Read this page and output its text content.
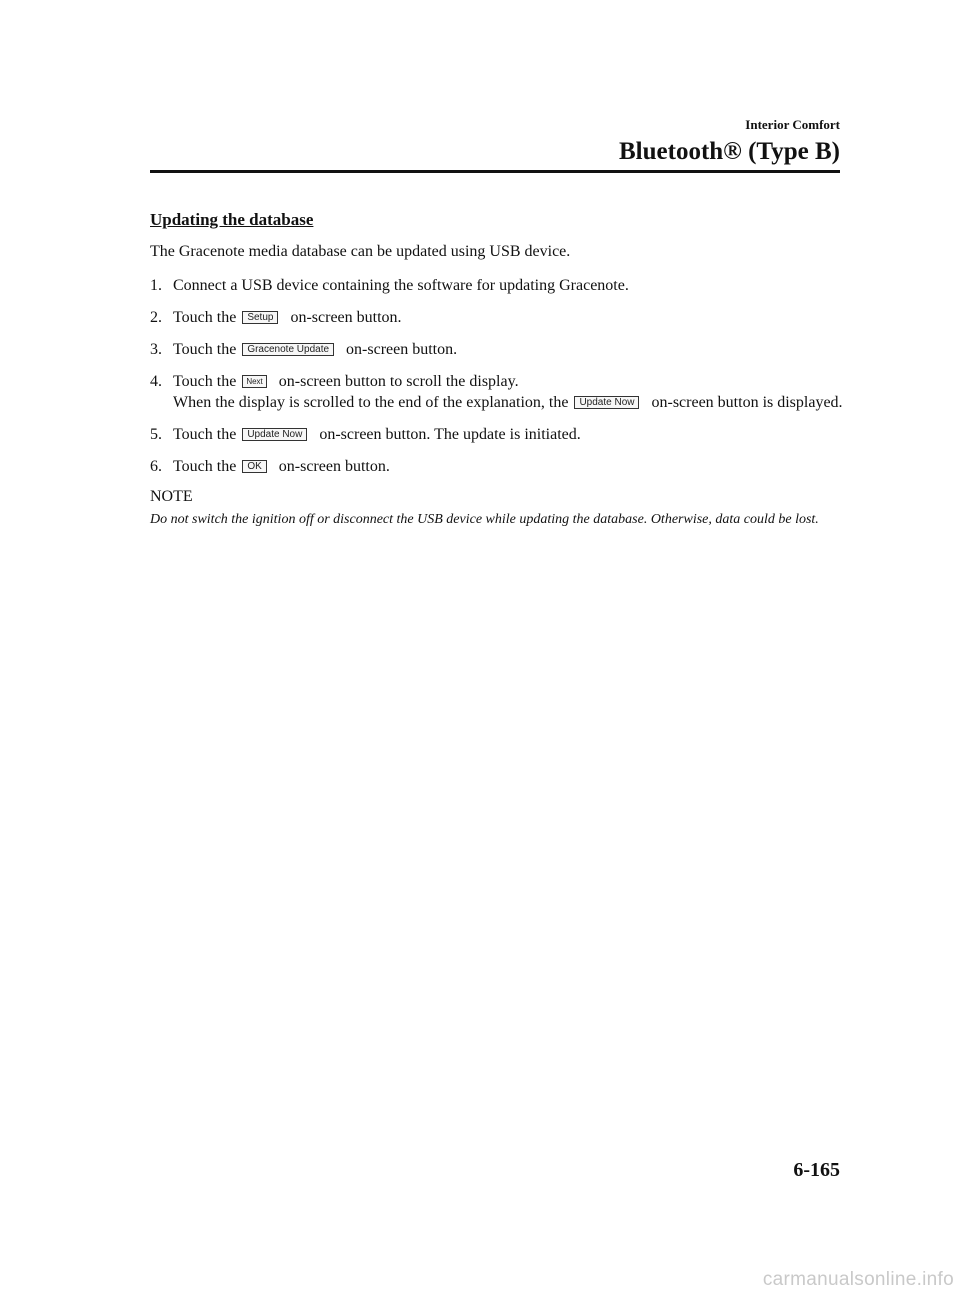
Interior Comfort
Bluetooth® (Type B)
Updating the database

The Gracenote media database can be updated using USB device.

1. Connect a USB device containing the software for updating Gracenote.
2. Touch the Setup on-screen button.
3. Touch the Gracenote Update on-screen button.
4. Touch the Next on-screen button to scroll the display.
When the display is scrolled to the end of the explanation, the Update Now on-screen button is displayed.
5. Touch the Update Now on-screen button. The update is initiated.
6. Touch the OK on-screen button.
NOTE

Do not switch the ignition off or disconnect the USB device while updating the database. Otherwise, data could be lost.

6-165
carmanualsonline.info
